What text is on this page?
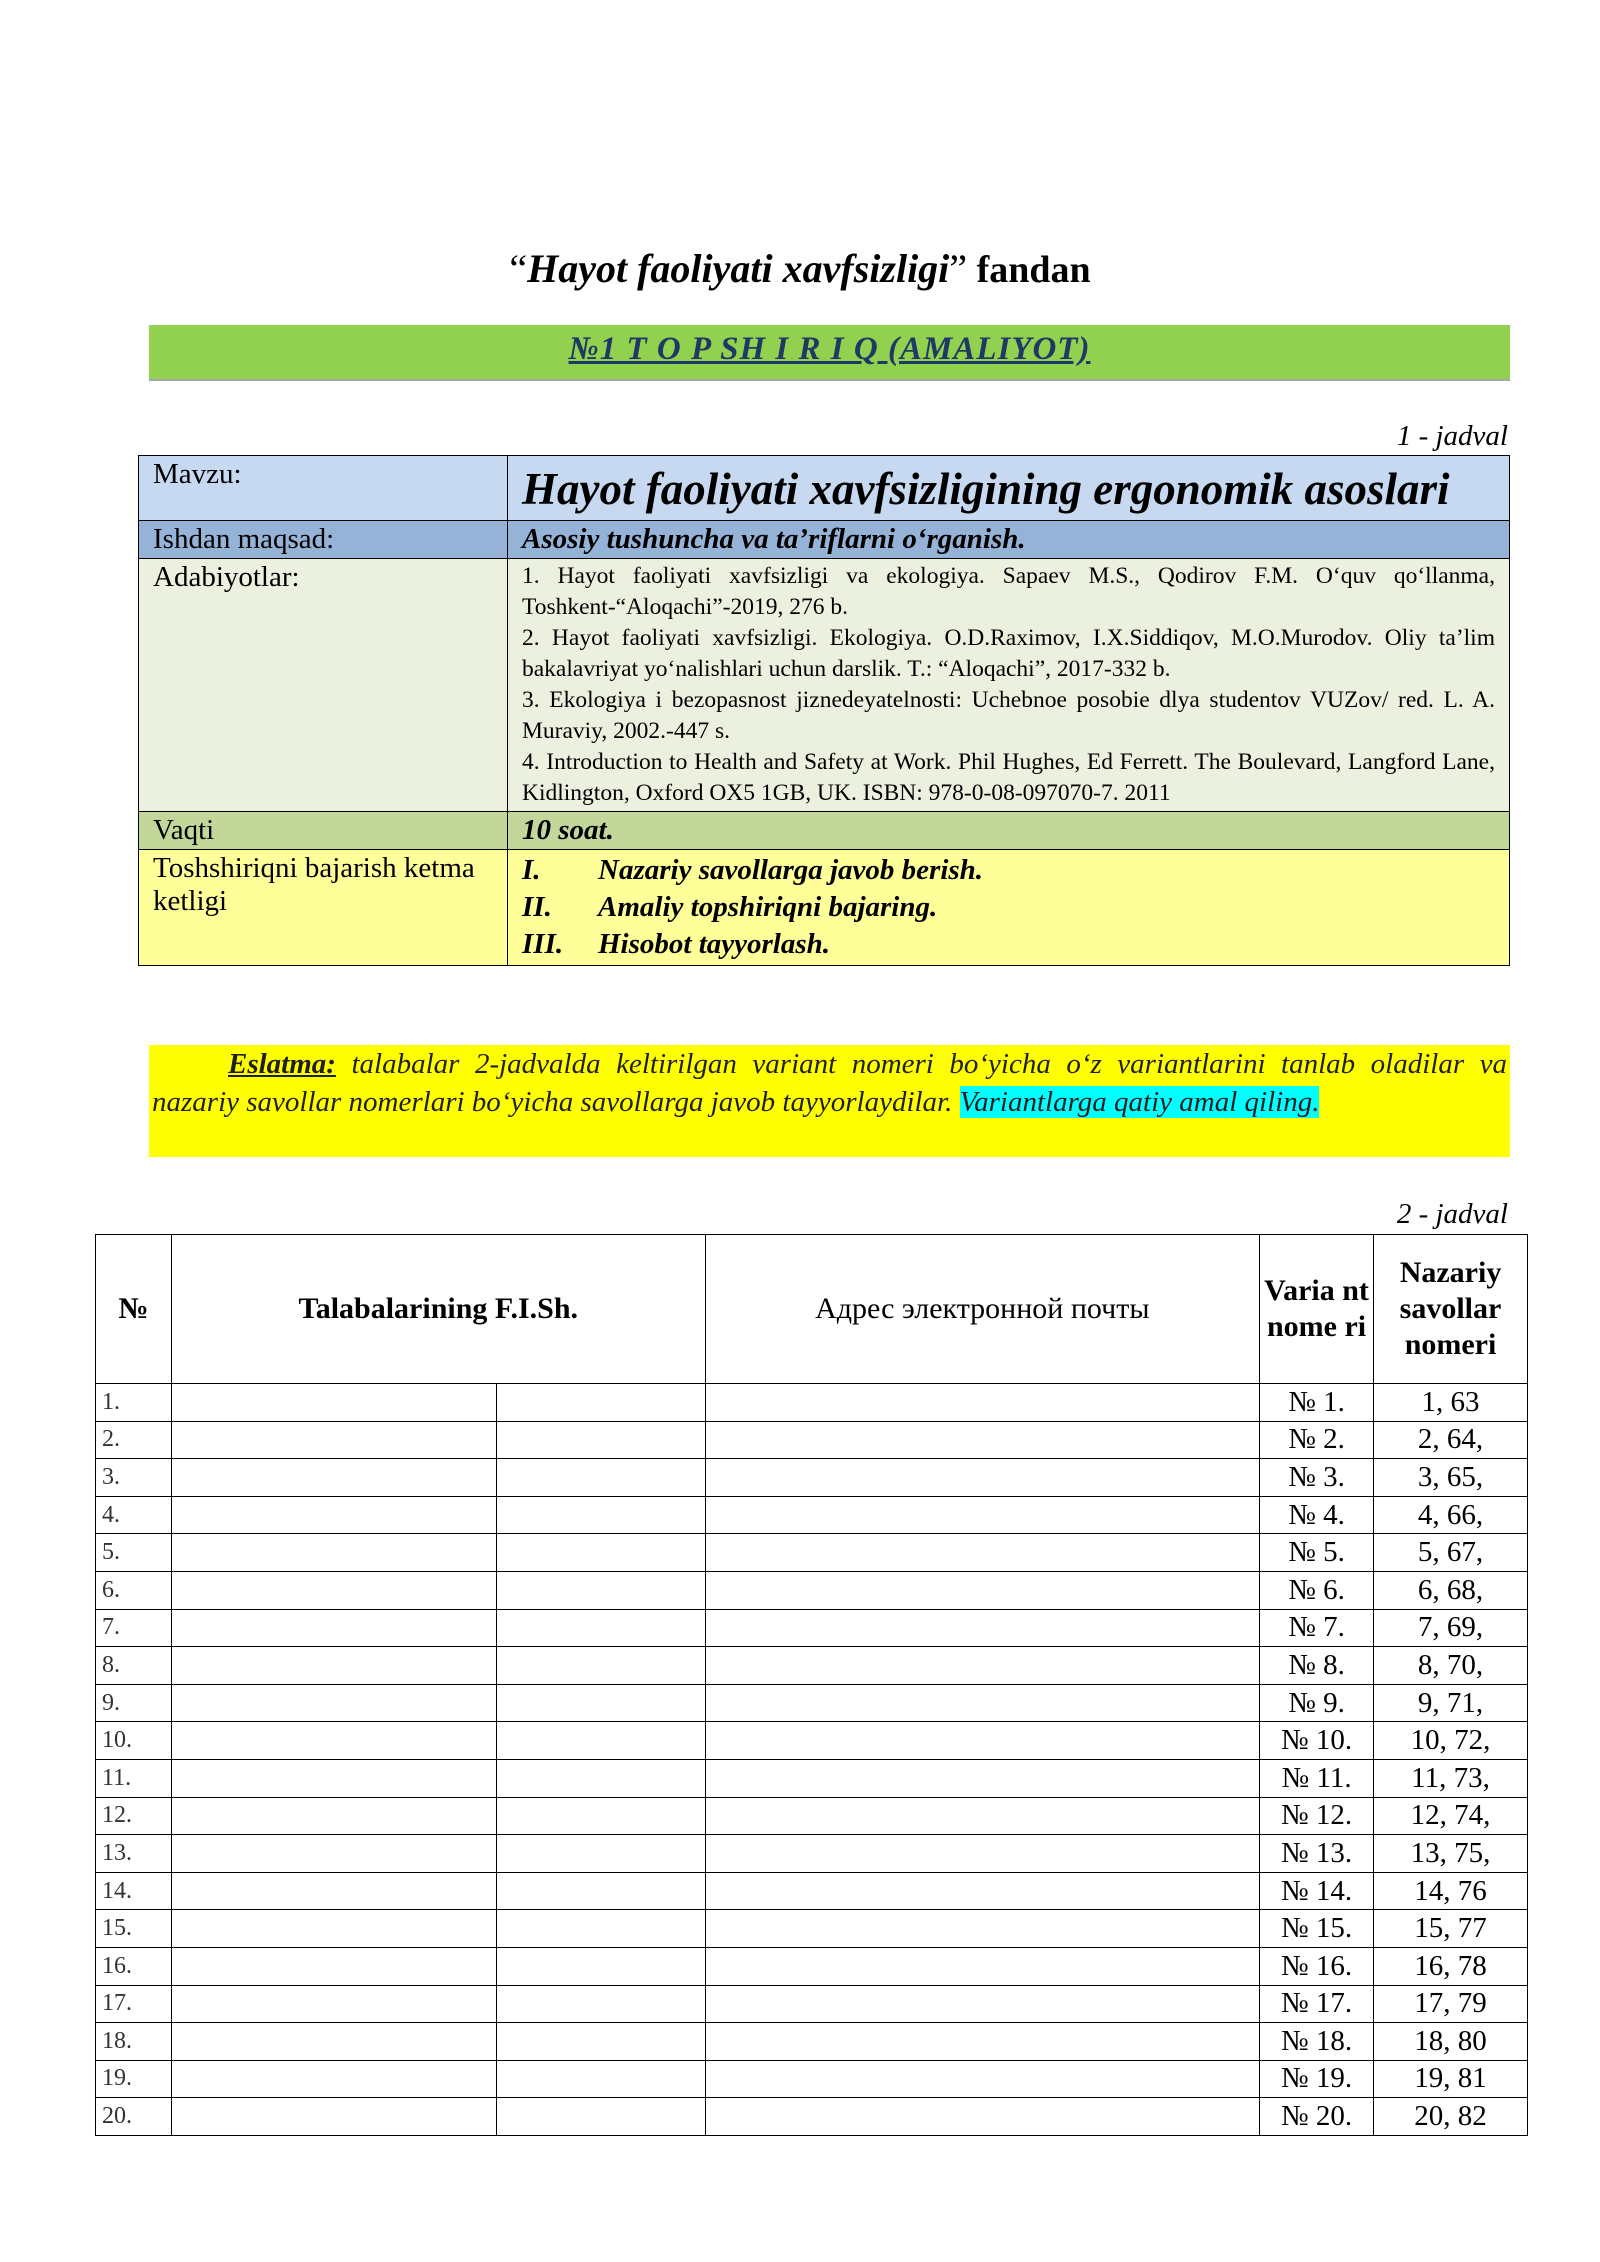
“Hayot faoliyati xavfsizligi” fandan
№1 T O P SH I R I Q (AMALIYOT)
1 - jadval
Mavzu:	Hayot faoliyati xavfsizligining ergonomik asoslari

Ishdan maqsad:	Asosiy tushuncha va ta’riflarni o‘rganish.
Adabiyotlar:	1. Hayot faoliyati xavfsizligi va ekologiya. Sapaev M.S., Qodirov F.M. O‘quv qo‘llanma, Toshkent-“Aloqachi”-2019, 276 b.
2. Hayot faoliyati xavfsizligi. Ekologiya. O.D.Raximov, I.X.Siddiqov, M.O.Murodov. Oliy ta’lim bakalavriyat yo‘nalishlari uchun darslik. T.: “Aloqachi”, 2017-332 b.
3. Ekologiya i bezopasnost jiznedeyatelnosti: Uchebnoe posobie dlya studentov VUZov/ red. L. A. Muraviy, 2002.-447 s.
4. Introduction to Health and Safety at Work. Phil Hughes, Ed Ferrett. The Boulevard, Langford Lane, Kidlington, Oxford OX5 1GB, UK. ISBN: 978-0-08-097070-7. 2011

Vaqti	10 soat.
Toshshiriqni bajarish ketma ketligi	I. Nazariy savollarga javob berish.
II. Amaliy topshiriqni bajaring.
III. Hisobot tayyorlash.

Eslatma: talabalar 2-jadvalda keltirilgan variant nomeri bo‘yicha o‘z variantlarini tanlab oladilar va nazariy savollar nomerlari bo‘yicha savollarga javob tayyorlaydilar. Variantlarga qatiy amal qiling.

2 - jadval
№	Talabalarining F.I.Sh.		Адрес электронной почты	Varia nt nome ri	Nazariy savollar nomeri
1.				№ 1.	1, 63
2.				№ 2.	2, 64,
3.				№ 3.	3, 65,
4.				№ 4.	4, 66,
5.				№ 5.	5, 67,
6.				№ 6.	6, 68,
7.				№ 7.	7, 69,
8.				№ 8.	8, 70,
9.				№ 9.	9, 71,
10.				№ 10.	10, 72,
11.				№ 11.	11, 73,
12.				№ 12.	12, 74,
13.				№ 13.	13, 75,
14.				№ 14.	14, 76
15.				№ 15.	15, 77
16.				№ 16.	16, 78
17.				№ 17.	17, 79
18.				№ 18.	18, 80
19.				№ 19.	19, 81
20.				№ 20.	20, 82
